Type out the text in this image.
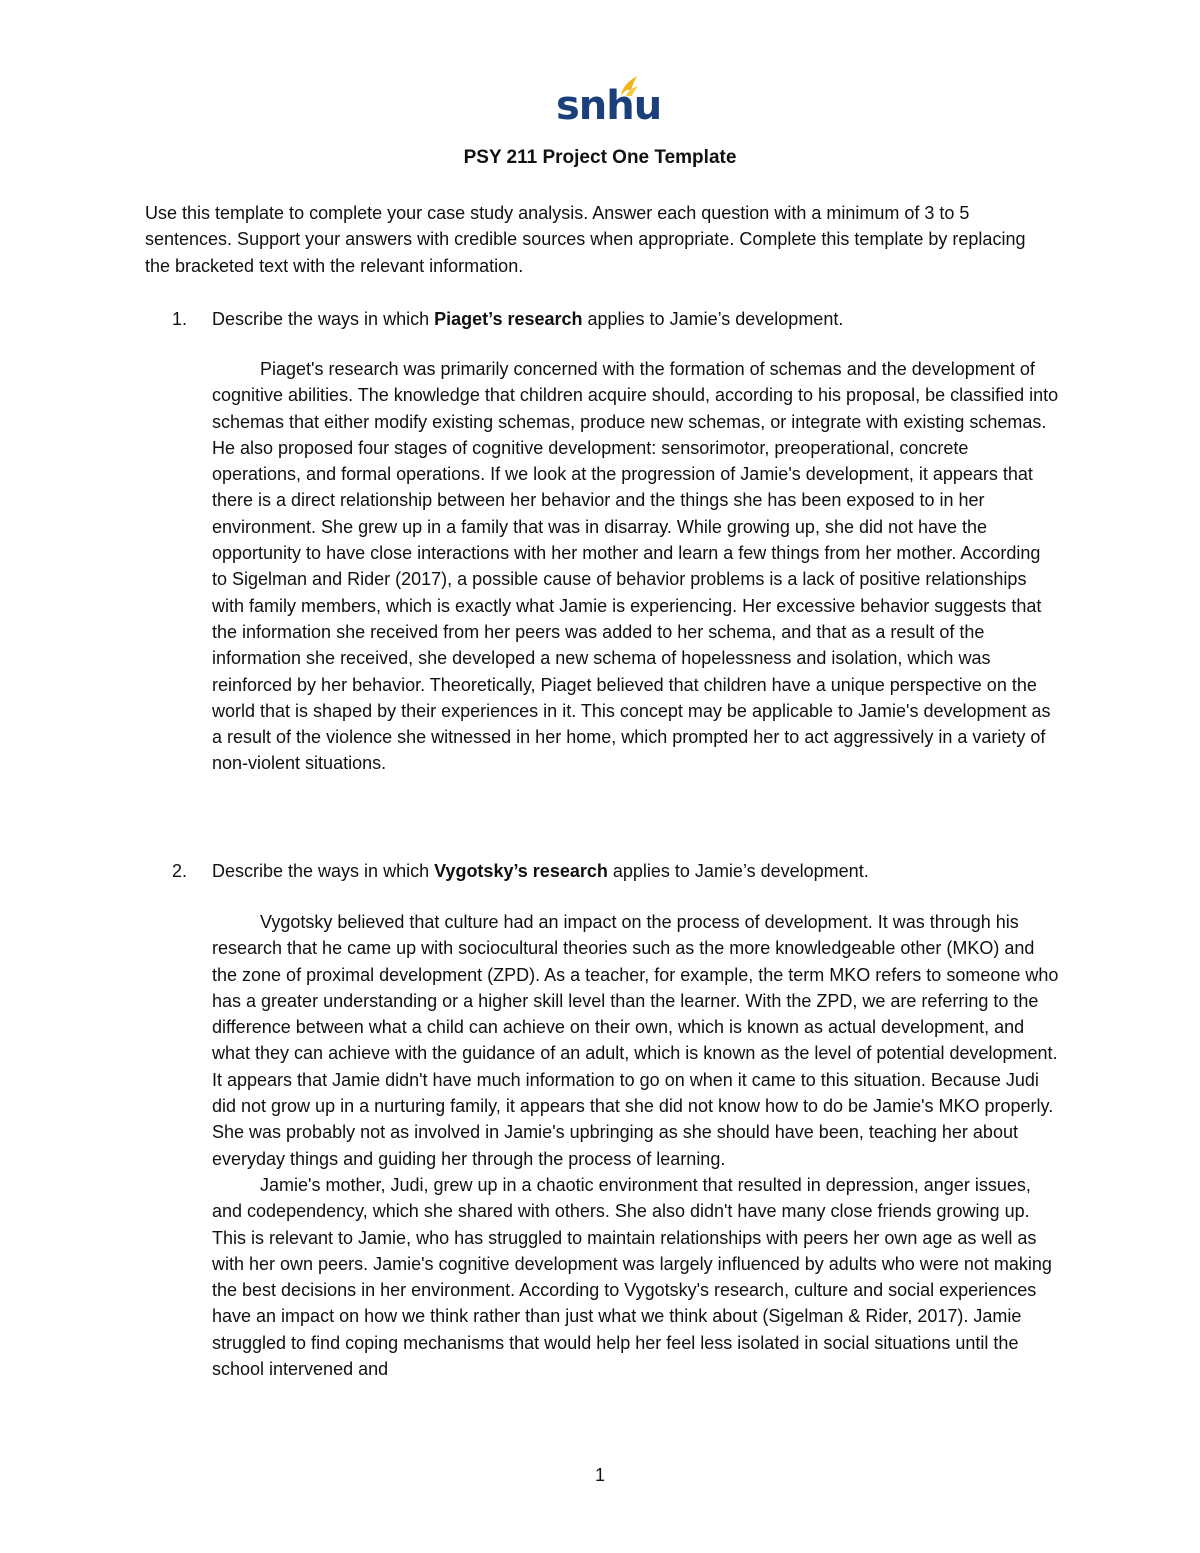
snhu
PSY 211 Project One Template
Use this template to complete your case study analysis. Answer each question with a minimum of 3 to 5 sentences. Support your answers with credible sources when appropriate. Complete this template by replacing the bracketed text with the relevant information.
1. Describe the ways in which Piaget’s research applies to Jamie’s development.

Piaget's research was primarily concerned with the formation of schemas and the development of cognitive abilities. The knowledge that children acquire should, according to his proposal, be classified into schemas that either modify existing schemas, produce new schemas, or integrate with existing schemas. He also proposed four stages of cognitive development: sensorimotor, preoperational, concrete operations, and formal operations. If we look at the progression of Jamie's development, it appears that there is a direct relationship between her behavior and the things she has been exposed to in her environment. She grew up in a family that was in disarray. While growing up, she did not have the opportunity to have close interactions with her mother and learn a few things from her mother. According to Sigelman and Rider (2017), a possible cause of behavior problems is a lack of positive relationships with family members, which is exactly what Jamie is experiencing. Her excessive behavior suggests that the information she received from her peers was added to her schema, and that as a result of the information she received, she developed a new schema of hopelessness and isolation, which was reinforced by her behavior. Theoretically, Piaget believed that children have a unique perspective on the world that is shaped by their experiences in it. This concept may be applicable to Jamie's development as a result of the violence she witnessed in her home, which prompted her to act aggressively in a variety of non-violent situations.

2. Describe the ways in which Vygotsky’s research applies to Jamie’s development.

Vygotsky believed that culture had an impact on the process of development. It was through his research that he came up with sociocultural theories such as the more knowledgeable other (MKO) and the zone of proximal development (ZPD). As a teacher, for example, the term MKO refers to someone who has a greater understanding or a higher skill level than the learner. With the ZPD, we are referring to the difference between what a child can achieve on their own, which is known as actual development, and what they can achieve with the guidance of an adult, which is known as the level of potential development. It appears that Jamie didn't have much information to go on when it came to this situation. Because Judi did not grow up in a nurturing family, it appears that she did not know how to do be Jamie's MKO properly. She was probably not as involved in Jamie's upbringing as she should have been, teaching her about everyday things and guiding her through the process of learning.

Jamie's mother, Judi, grew up in a chaotic environment that resulted in depression, anger issues, and codependency, which she shared with others. She also didn't have many close friends growing up. This is relevant to Jamie, who has struggled to maintain relationships with peers her own age as well as with her own peers. Jamie's cognitive development was largely influenced by adults who were not making the best decisions in her environment. According to Vygotsky's research, culture and social experiences have an impact on how we think rather than just what we think about (Sigelman & Rider, 2017). Jamie struggled to find coping mechanisms that would help her feel less isolated in social situations until the school intervened and

1
